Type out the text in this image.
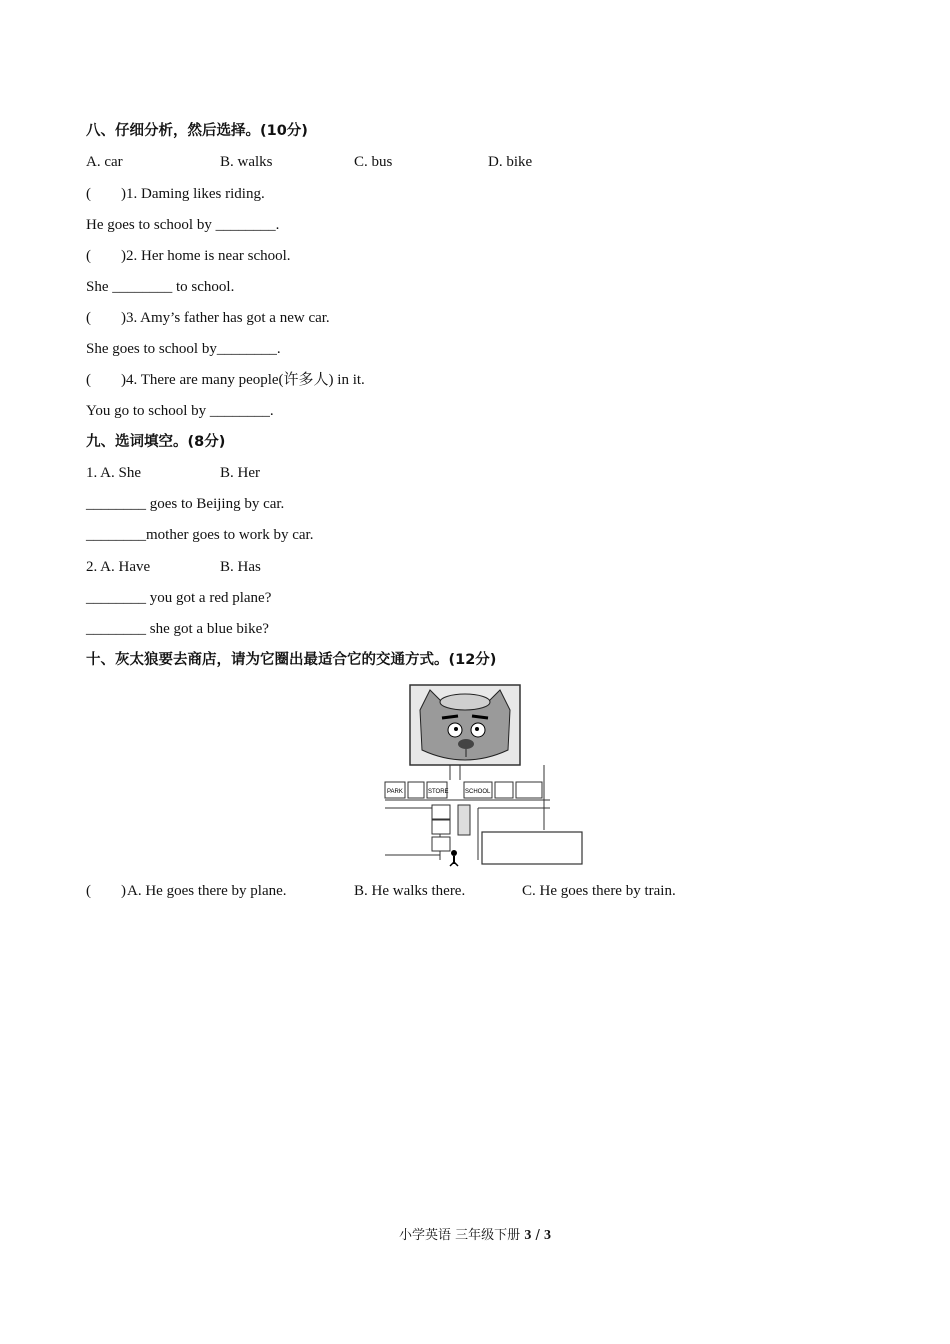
八、仔细分析，然后选择。(10分)
A. car	B. walks	C. bus	D. bike
(        )1. Daming likes riding.
He goes to school by ________.
(        )2. Her home is near school.
She ________ to school.
(        )3. Amy’s father has got a new car.
She goes to school by________.
(        )4. There are many people(许多人) in it.
You go to school by ________.
九、选词填空。(8分)
1. A. She	B. Her
________ goes to Beijing by car.
________mother goes to work by car.
2. A. Have	B. Has
________ you got a red plane?
________ she got a blue bike?
十、灰太狼要去商店，请为它圈出最适合它的交通方式。(12分)
PARK	STORE	SCHOOL
(        ) A. He goes there by plane.	B. He walks there.	C. He goes there by train.
小学英语 三年级下册 3 / 3
